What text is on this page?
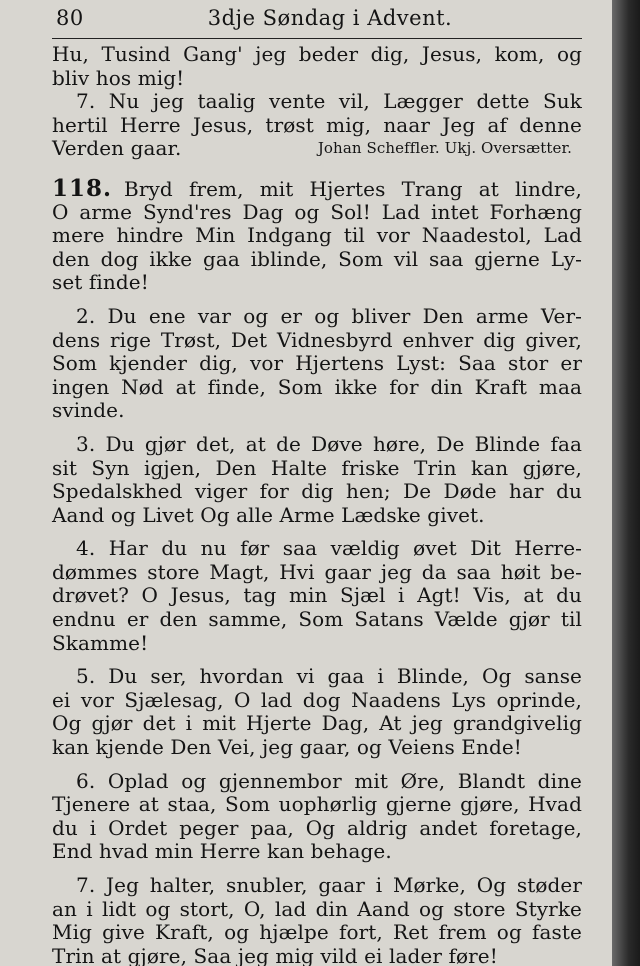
80	3dje Søndag i Advent.
Hu, Tusind Gang' jeg beder dig, Jesus, kom, og
bliv hos mig!
7. Nu jeg taalig vente vil, Lægger dette Suk
hertil Herre Jesus, trøst mig, naar Jeg af denne
Verden gaar.	Johan Scheffler. Ukj. Oversætter.
118. Bryd frem, mit Hjertes Trang at lindre,
O arme Synd'res Dag og Sol! Lad intet Forhæng
mere hindre Min Indgang til vor Naadestol, Lad
den dog ikke gaa iblinde, Som vil saa gjerne Ly-
set finde!
2. Du ene var og er og bliver Den arme Ver-
dens rige Trøst, Det Vidnesbyrd enhver dig giver,
Som kjender dig, vor Hjertens Lyst: Saa stor er
ingen Nød at finde, Som ikke for din Kraft maa
svinde.
3. Du gjør det, at de Døve høre, De Blinde faa
sit Syn igjen, Den Halte friske Trin kan gjøre,
Spedalskhed viger for dig hen; De Døde har du
Aand og Livet Og alle Arme Lædske givet.
4. Har du nu før saa vældig øvet Dit Herre-
dømmes store Magt, Hvi gaar jeg da saa høit be-
drøvet? O Jesus, tag min Sjæl i Agt! Vis, at du
endnu er den samme, Som Satans Vælde gjør til
Skamme!
5. Du ser, hvordan vi gaa i Blinde, Og sanse
ei vor Sjælesag, O lad dog Naadens Lys oprinde,
Og gjør det i mit Hjerte Dag, At jeg grandgivelig
kan kjende Den Vei, jeg gaar, og Veiens Ende!
6. Oplad og gjennembor mit Øre, Blandt dine
Tjenere at staa, Som uophørlig gjerne gjøre, Hvad
du i Ordet peger paa, Og aldrig andet foretage,
End hvad min Herre kan behage.
7. Jeg halter, snubler, gaar i Mørke, Og støder
an i lidt og stort, O, lad din Aand og store Styrke
Mig give Kraft, og hjælpe fort, Ret frem og faste
Trin at gjøre, Saa jeg mig vild ei lader føre!
